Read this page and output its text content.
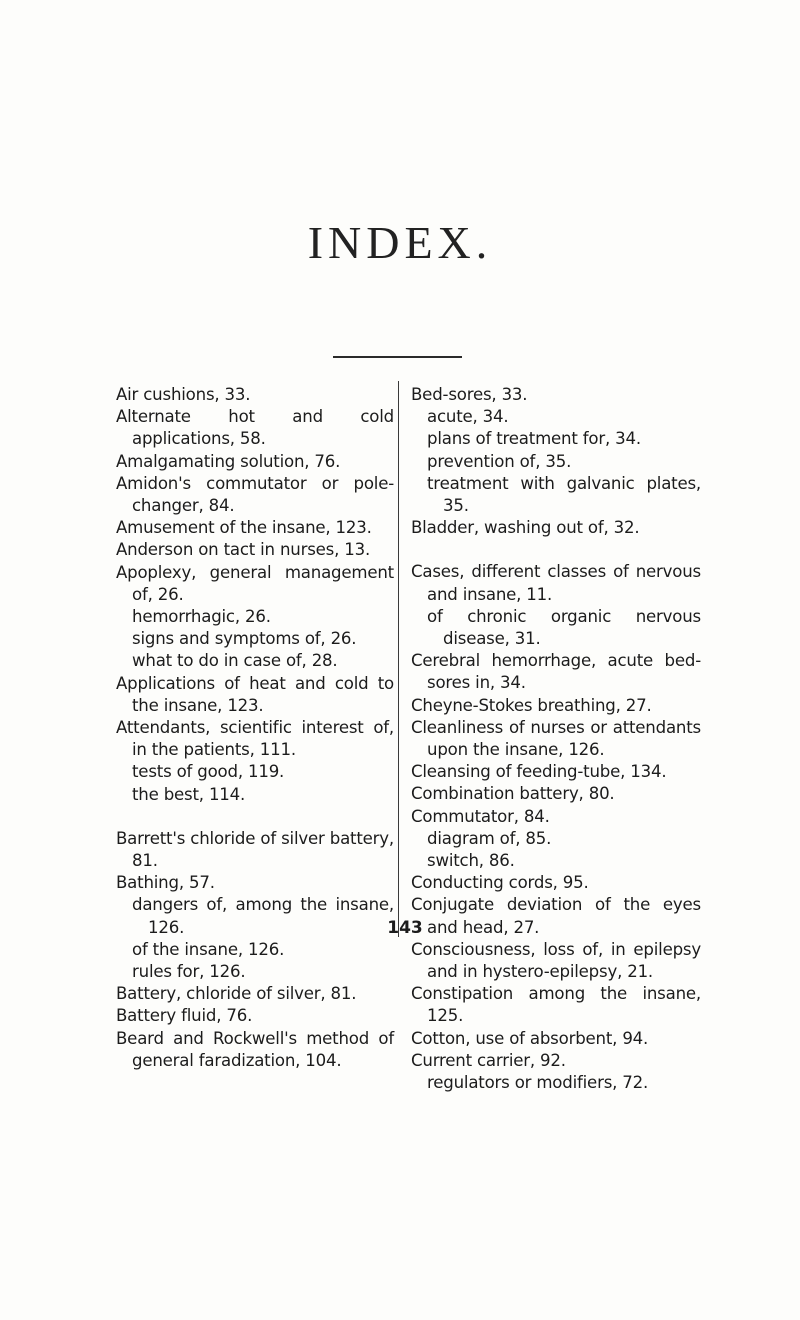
INDEX.
Air cushions, 33.
Alternate hot and cold applications, 58.
Amalgamating solution, 76.
Amidon's commutator or pole-changer, 84.
Amusement of the insane, 123.
Anderson on tact in nurses, 13.
Apoplexy, general management of, 26.
hemorrhagic, 26.
signs and symptoms of, 26.
what to do in case of, 28.
Applications of heat and cold to the insane, 123.
Attendants, scientific interest of, in the patients, 111.
tests of good, 119.
the best, 114.
Barrett's chloride of silver battery, 81.
Bathing, 57.
dangers of, among the insane, 126.
of the insane, 126.
rules for, 126.
Battery, chloride of silver, 81.
Battery fluid, 76.
Beard and Rockwell's method of general faradization, 104.
Bed-sores, 33.
acute, 34.
plans of treatment for, 34.
prevention of, 35.
treatment with galvanic plates, 35.
Bladder, washing out of, 32.
Cases, different classes of nervous and insane, 11.
of chronic organic nervous disease, 31.
Cerebral hemorrhage, acute bed-sores in, 34.
Cheyne-Stokes breathing, 27.
Cleanliness of nurses or attendants upon the insane, 126.
Cleansing of feeding-tube, 134.
Combination battery, 80.
Commutator, 84.
diagram of, 85.
switch, 86.
Conducting cords, 95.
Conjugate deviation of the eyes and head, 27.
Consciousness, loss of, in epilepsy and in hystero-epilepsy, 21.
Constipation among the insane, 125.
Cotton, use of absorbent, 94.
Current carrier, 92.
regulators or modifiers, 72.
143
